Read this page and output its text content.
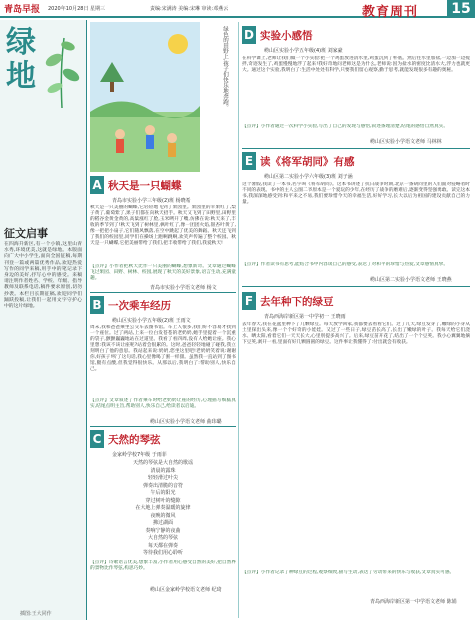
青岛早报 2020年10月28日 星期三	责编:宋满涛 美编:宋琳 审读:邓燕云	教育周刊	15
绿
地
征文启事
在四海升新区,有一个小镇,这里山青水秀,环境优美,这就是绿地。本版面向广大中小学生,面向全国征稿,每期刊登一篇或两篇优秀作品,欢迎热爱写作的同学来稿,用手中的笔记录下身边的美好,抒写心中的感受。来稿请注明作者姓名、学校、年级、指导教师及联系电话,稿件要求原创,切勿抄袭。本栏目长期征稿,欢迎同学们踊跃投稿,让我们一起用文字守护心中的这片绿地。
插图:王大同作
绿色的田野上,孩子们快乐地奔跑。
A 秋天是一只蝴蝶
青岛市实验小学三年级(2)班 杨晓希
秋天是一只美丽的蝴蝶,它轻轻地飞到了果园里。果园里的苹果红了,梨子黄了,葡萄紫了,果子们都在向秋天招手。秋天又飞到了田野里,田野里的稻谷金黄金黄的,高粱涨红了脸,玉米咧开了嘴,仿佛在说:秋天来了,丰收的季节到了!秋天飞到了树林里,枫叶红了,像一团团火焰,银杏叶黄了,像一把把小扇子,它们随风飘落,在空中跳起了优美的舞蹈。秋天还飞到了我们的校园里,同学们在操场上跑啊跳啊,欢笑声传遍了整个校园。秋天是一只蝴蝶,它把美丽带给了我们,把丰收带给了我们,我爱秋天!
【点评】小作者把秋天比作一只美丽的蝴蝶,想象新奇。文章通过蝴蝶飞过果园、田野、树林、校园,展现了秋天的美好景象,语言生动,充满童趣。
青岛市实验小学语文老师 杨文
B 一次乘车经历
崂山区实验小学五年级(2)班 王雨文
周末,我和爸爸乘坐公交车去图书馆。车上人很多,我们好不容易才找到一个座位。过了两站,上来一位白发苍苍的老奶奶,她手里提着一个沉重的袋子,颤颤巍巍地站在过道里。我看了看四周,没有人给她让座。我心里想:我该不该让座呢?站着会很累的。这时,爸爸轻轻地碰了碰我,我立刻明白了他的意思。我站起来说:奶奶,您坐这里吧!老奶奶笑着说:谢谢你,好孩子!听了这句话,我心里像喝了蜜一样甜。虽然我一直站到了图书馆,腿有点酸,但我觉得很快乐。从那以后,我明白了:帮助别人,快乐自己。
【点评】文章叙述了作者乘车时给老奶奶让座的经历,心理描写细腻真实,结尾点明主旨,帮助别人,快乐自己,给读者以启迪。
崂山区实验小学语文老师 曲玮璐
C 天然的琴弦
金家岭学校7年级 于雨菲
天然的琴弦是大自然的歌谣
清晨的露珠
轻轻滑过叶尖
弹奏出清脆的音符
午后的阳光
穿过树叶的缝隙
在大地上弹奏温暖的旋律
夜晚的微风
拂过湖面
奏响宁静的夜曲
大自然的琴弦
每天都在弹奏
等待我们用心聆听
【点评】诗歌语言优美,想象丰富,小作者用心感受自然的美好,把自然界的景物比作琴弦,构思巧妙。
崂山区金家岭学校语文老师 纪琦
D 实验小感悟
崂山区实验小学五年级(4)班 刘家豪
在科学课上,老师让我们做一个小实验:把一个鸡蛋放进清水里,鸡蛋沉到了杯底。然后往水里加盐,一边加一边搅拌,奇迹发生了,鸡蛋慢慢地浮了起来!我好奇地问老师这是为什么,老师说:因为盐水的密度比清水大,浮力也就更大。通过这个实验,我明白了:生活中处处有科学,只要我们留心观察,勤于思考,就能发现很多有趣的奥秘。
【点评】小作者通过一次科学小实验,写出了自己的发现与感悟,叙述条理清楚,结尾的感悟自然真实。
崂山区实验小学语文老师 马林林
E 读《将军胡同》有感
崂山区第二实验小学六年级(3)班 刘子涵
这个暑假,我读了一本书,名字叫《将军胡同》。这本书讲述了抗日战争时期,北京一条胡同里的人们面对侵略者时不同的表现。书中的主人公图二爷原本是一个爱玩的少年,在经历了战争的磨难后,逐渐变得坚强勇敢。读完这本书,我深深地感受到:和平来之不易,我们要珍惜今天的幸福生活,好好学习,长大以后为祖国的建设贡献自己的力量。
【点评】作者读书有思考,能结合书中内容谈自己的感受,表达了对和平的珍惜与热爱,文章感情真挚。
崂山区第二实验小学语文老师 王晓燕
F 去年种下的绿豆
青岛西海岸新区第一中学初一 王晓雨
去年春天,我在花盆里种下了几颗绿豆。每天放学回家,我都要去看看它们。过了几天,绿豆发芽了,嫩绿的小芽从土里探出头来,像一个个好奇的小娃娃。又过了一些日子,绿豆苗长高了,长出了嫩绿的叶子。我每天给它们浇水、晒太阳,看着它们一天天长大,心里别提多高兴了。后来,绿豆苗开花了,结出了一个个豆荚。我小心翼翼地摘下豆荚,剥开一看,里面有好几颗圆圆的绿豆。这件事让我懂得了:付出就会有收获。
【点评】小作者记录了种绿豆的过程,观察细致,描写生动,表达了劳动带来的快乐与收获,文章真实可感。
青岛西海岸新区第一中学语文老师 陈娟
